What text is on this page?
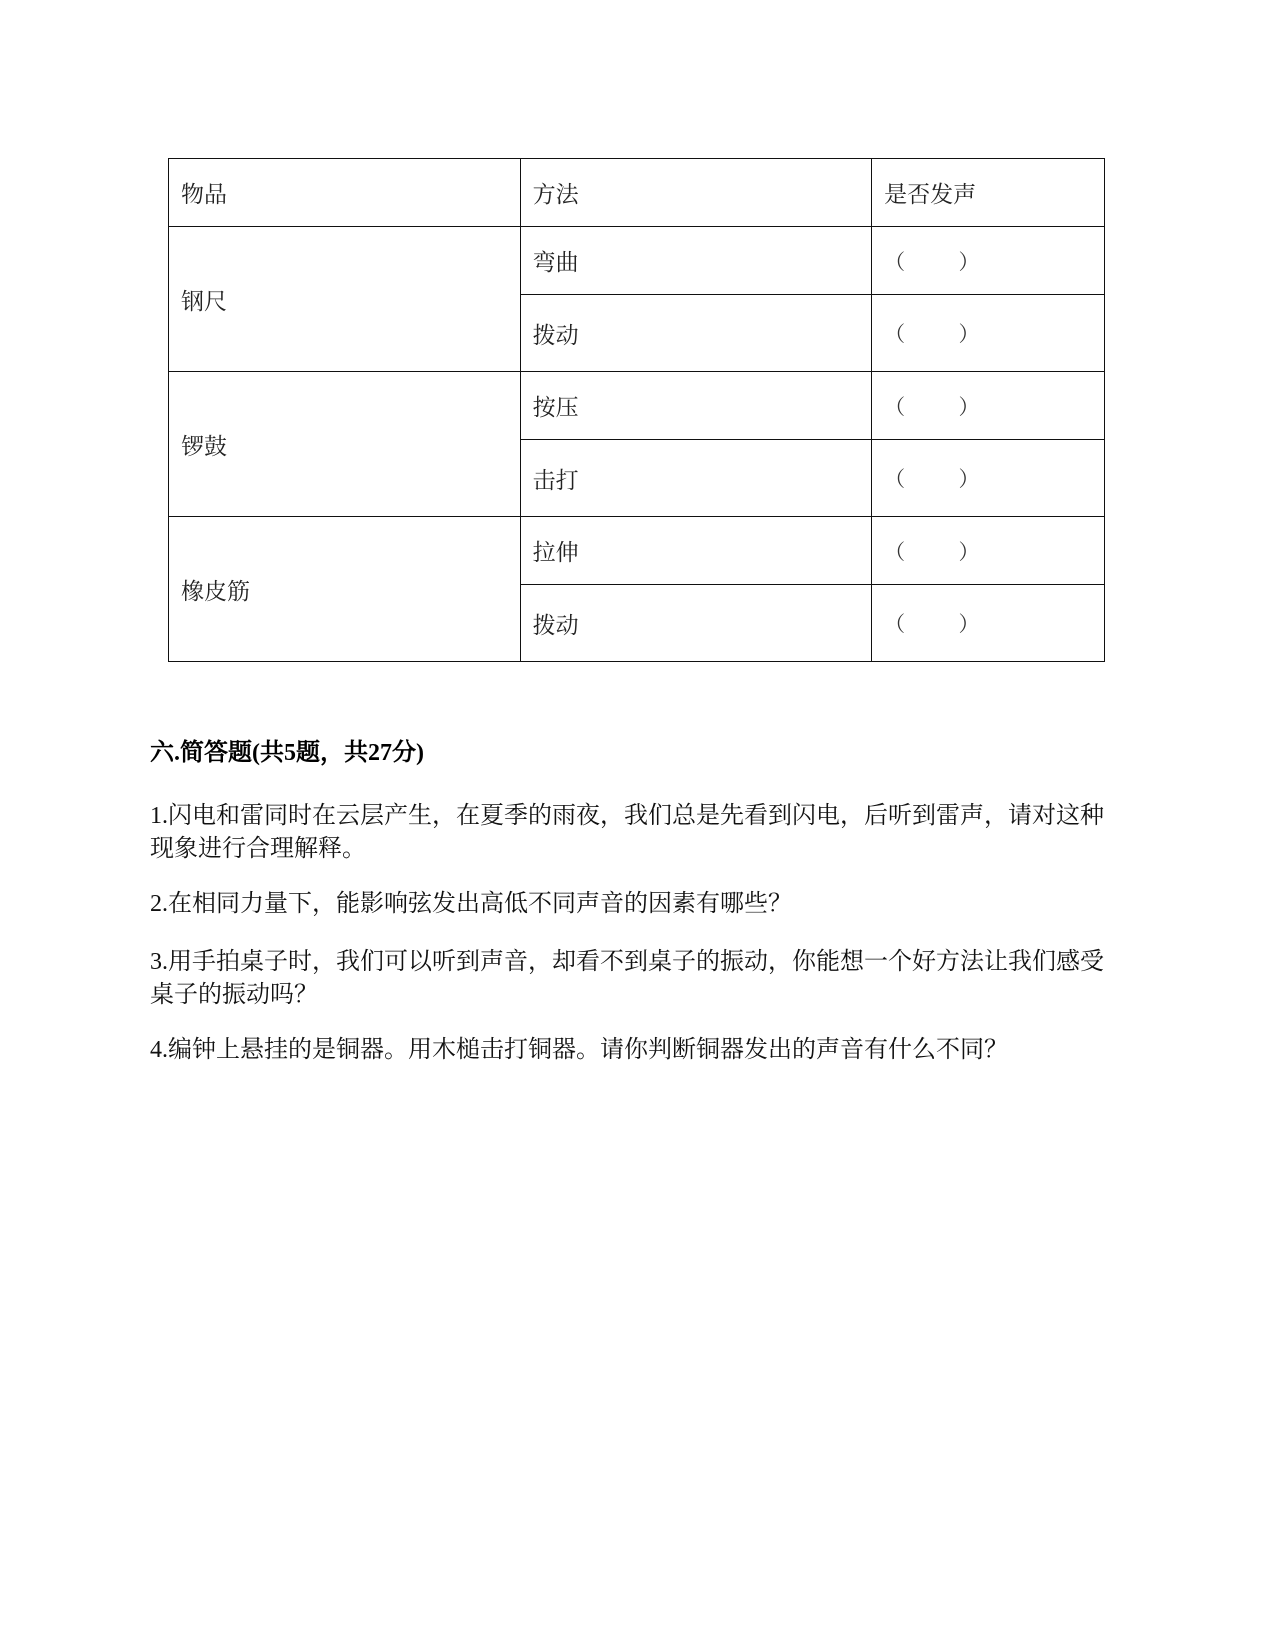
物品	方法	是否发声
钢尺	弯曲	（        ）
	拨动	（        ）
锣鼓	按压	（        ）
	击打	（        ）
橡皮筋	拉伸	（        ）
	拨动	（        ）
六.简答题(共5题，共27分)
1.闪电和雷同时在云层产生，在夏季的雨夜，我们总是先看到闪电，后听到雷声，请对这种现象进行合理解释。
2.在相同力量下，能影响弦发出高低不同声音的因素有哪些？
3.用手拍桌子时，我们可以听到声音，却看不到桌子的振动，你能想一个好方法让我们感受桌子的振动吗？
4.编钟上悬挂的是铜器。用木槌击打铜器。请你判断铜器发出的声音有什么不同？
